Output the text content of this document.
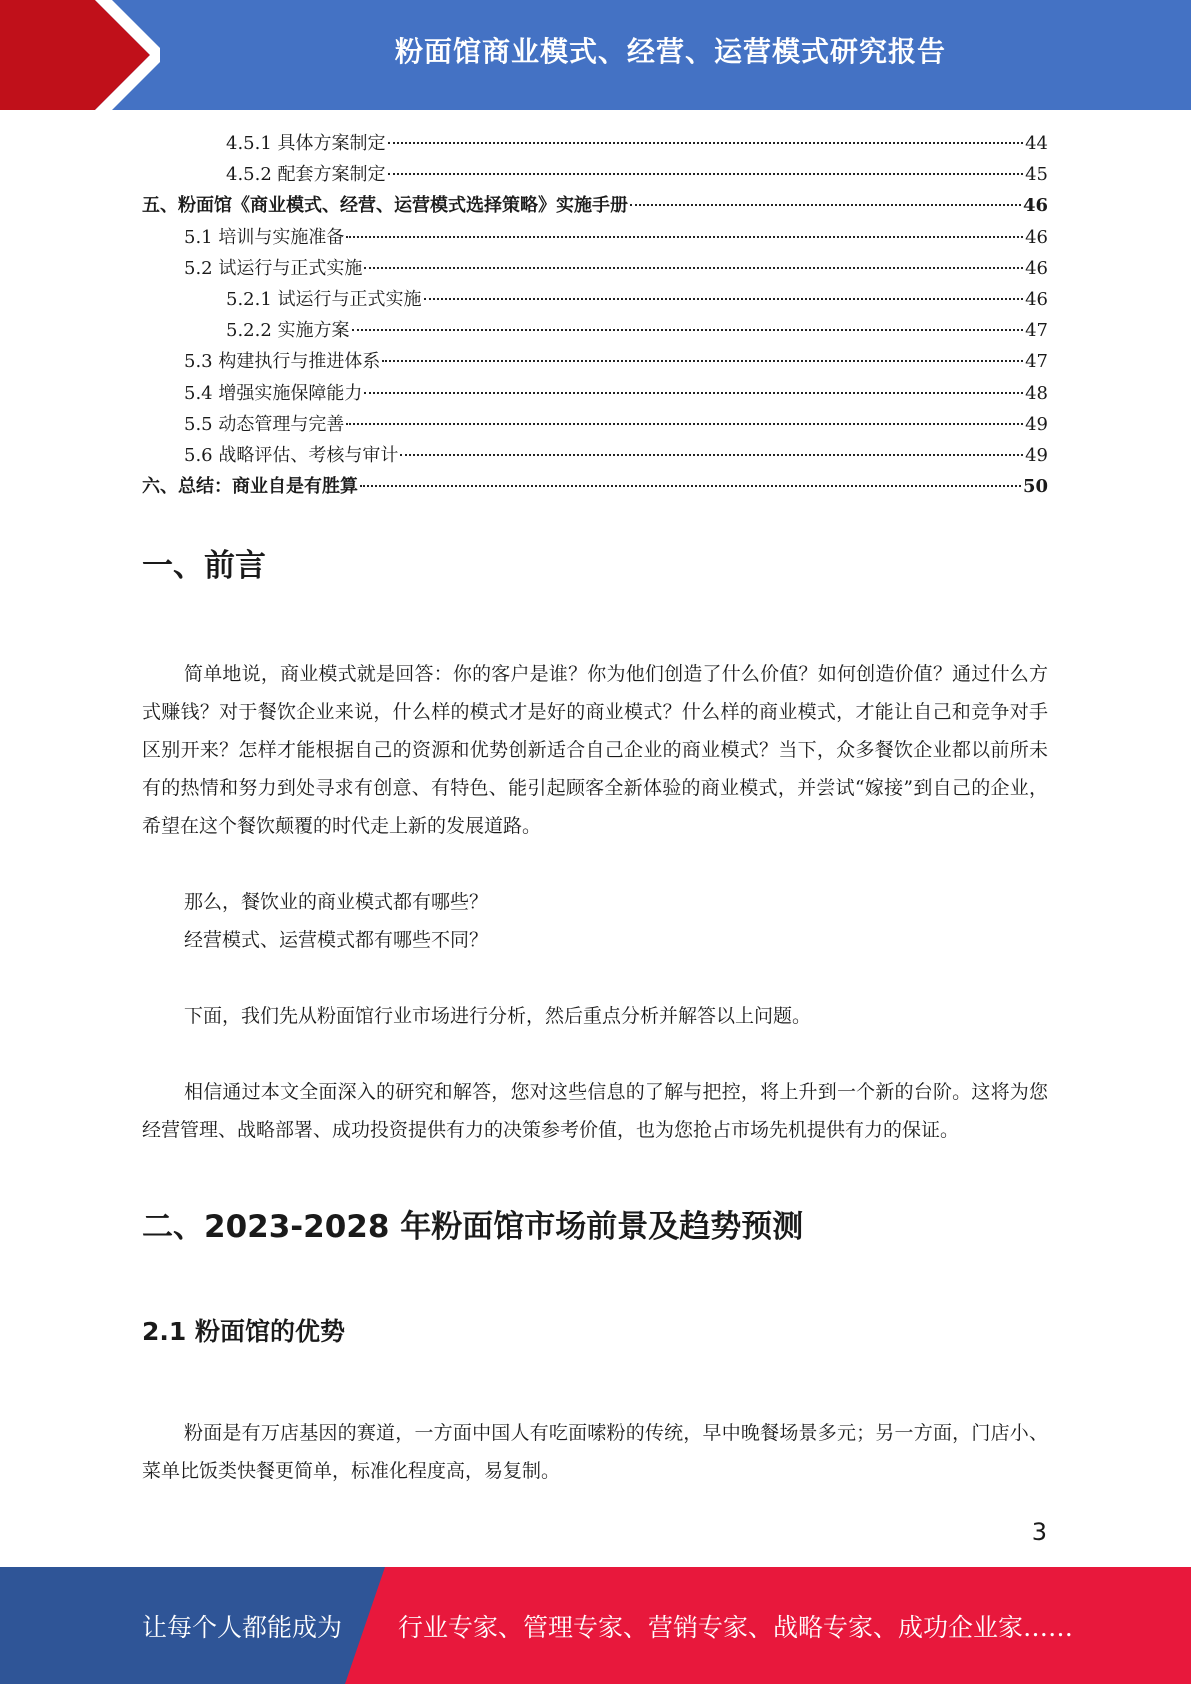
粉面馆商业模式、经营、运营模式研究报告
4.5.1 具体方案制定	44
4.5.2 配套方案制定	45
五、粉面馆《商业模式、经营、运营模式选择策略》实施手册	46
5.1 培训与实施准备	46
5.2 试运行与正式实施	46
5.2.1 试运行与正式实施	46
5.2.2 实施方案	47
5.3 构建执行与推进体系	47
5.4 增强实施保障能力	48
5.5 动态管理与完善	49
5.6 战略评估、考核与审计	49
六、总结：商业自是有胜算	50
一、前言

简单地说，商业模式就是回答：你的客户是谁？你为他们创造了什么价值？如何创造价值？通过什么方式赚钱？对于餐饮企业来说，什么样的模式才是好的商业模式？什么样的商业模式，才能让自己和竞争对手区别开来？怎样才能根据自己的资源和优势创新适合自己企业的商业模式？当下，众多餐饮企业都以前所未有的热情和努力到处寻求有创意、有特色、能引起顾客全新体验的商业模式，并尝试“嫁接”到自己的企业，希望在这个餐饮颠覆的时代走上新的发展道路。

那么，餐饮业的商业模式都有哪些？

经营模式、运营模式都有哪些不同？

下面，我们先从粉面馆行业市场进行分析，然后重点分析并解答以上问题。

相信通过本文全面深入的研究和解答，您对这些信息的了解与把控，将上升到一个新的台阶。这将为您经营管理、战略部署、成功投资提供有力的决策参考价值，也为您抢占市场先机提供有力的保证。

二、2023-2028 年粉面馆市场前景及趋势预测
2.1 粉面馆的优势

粉面是有万店基因的赛道，一方面中国人有吃面嗦粉的传统，早中晚餐场景多元；另一方面，门店小、菜单比饭类快餐更简单，标准化程度高，易复制。

3
让每个人都能成为 行业专家、管理专家、营销专家、战略专家、成功企业家……
